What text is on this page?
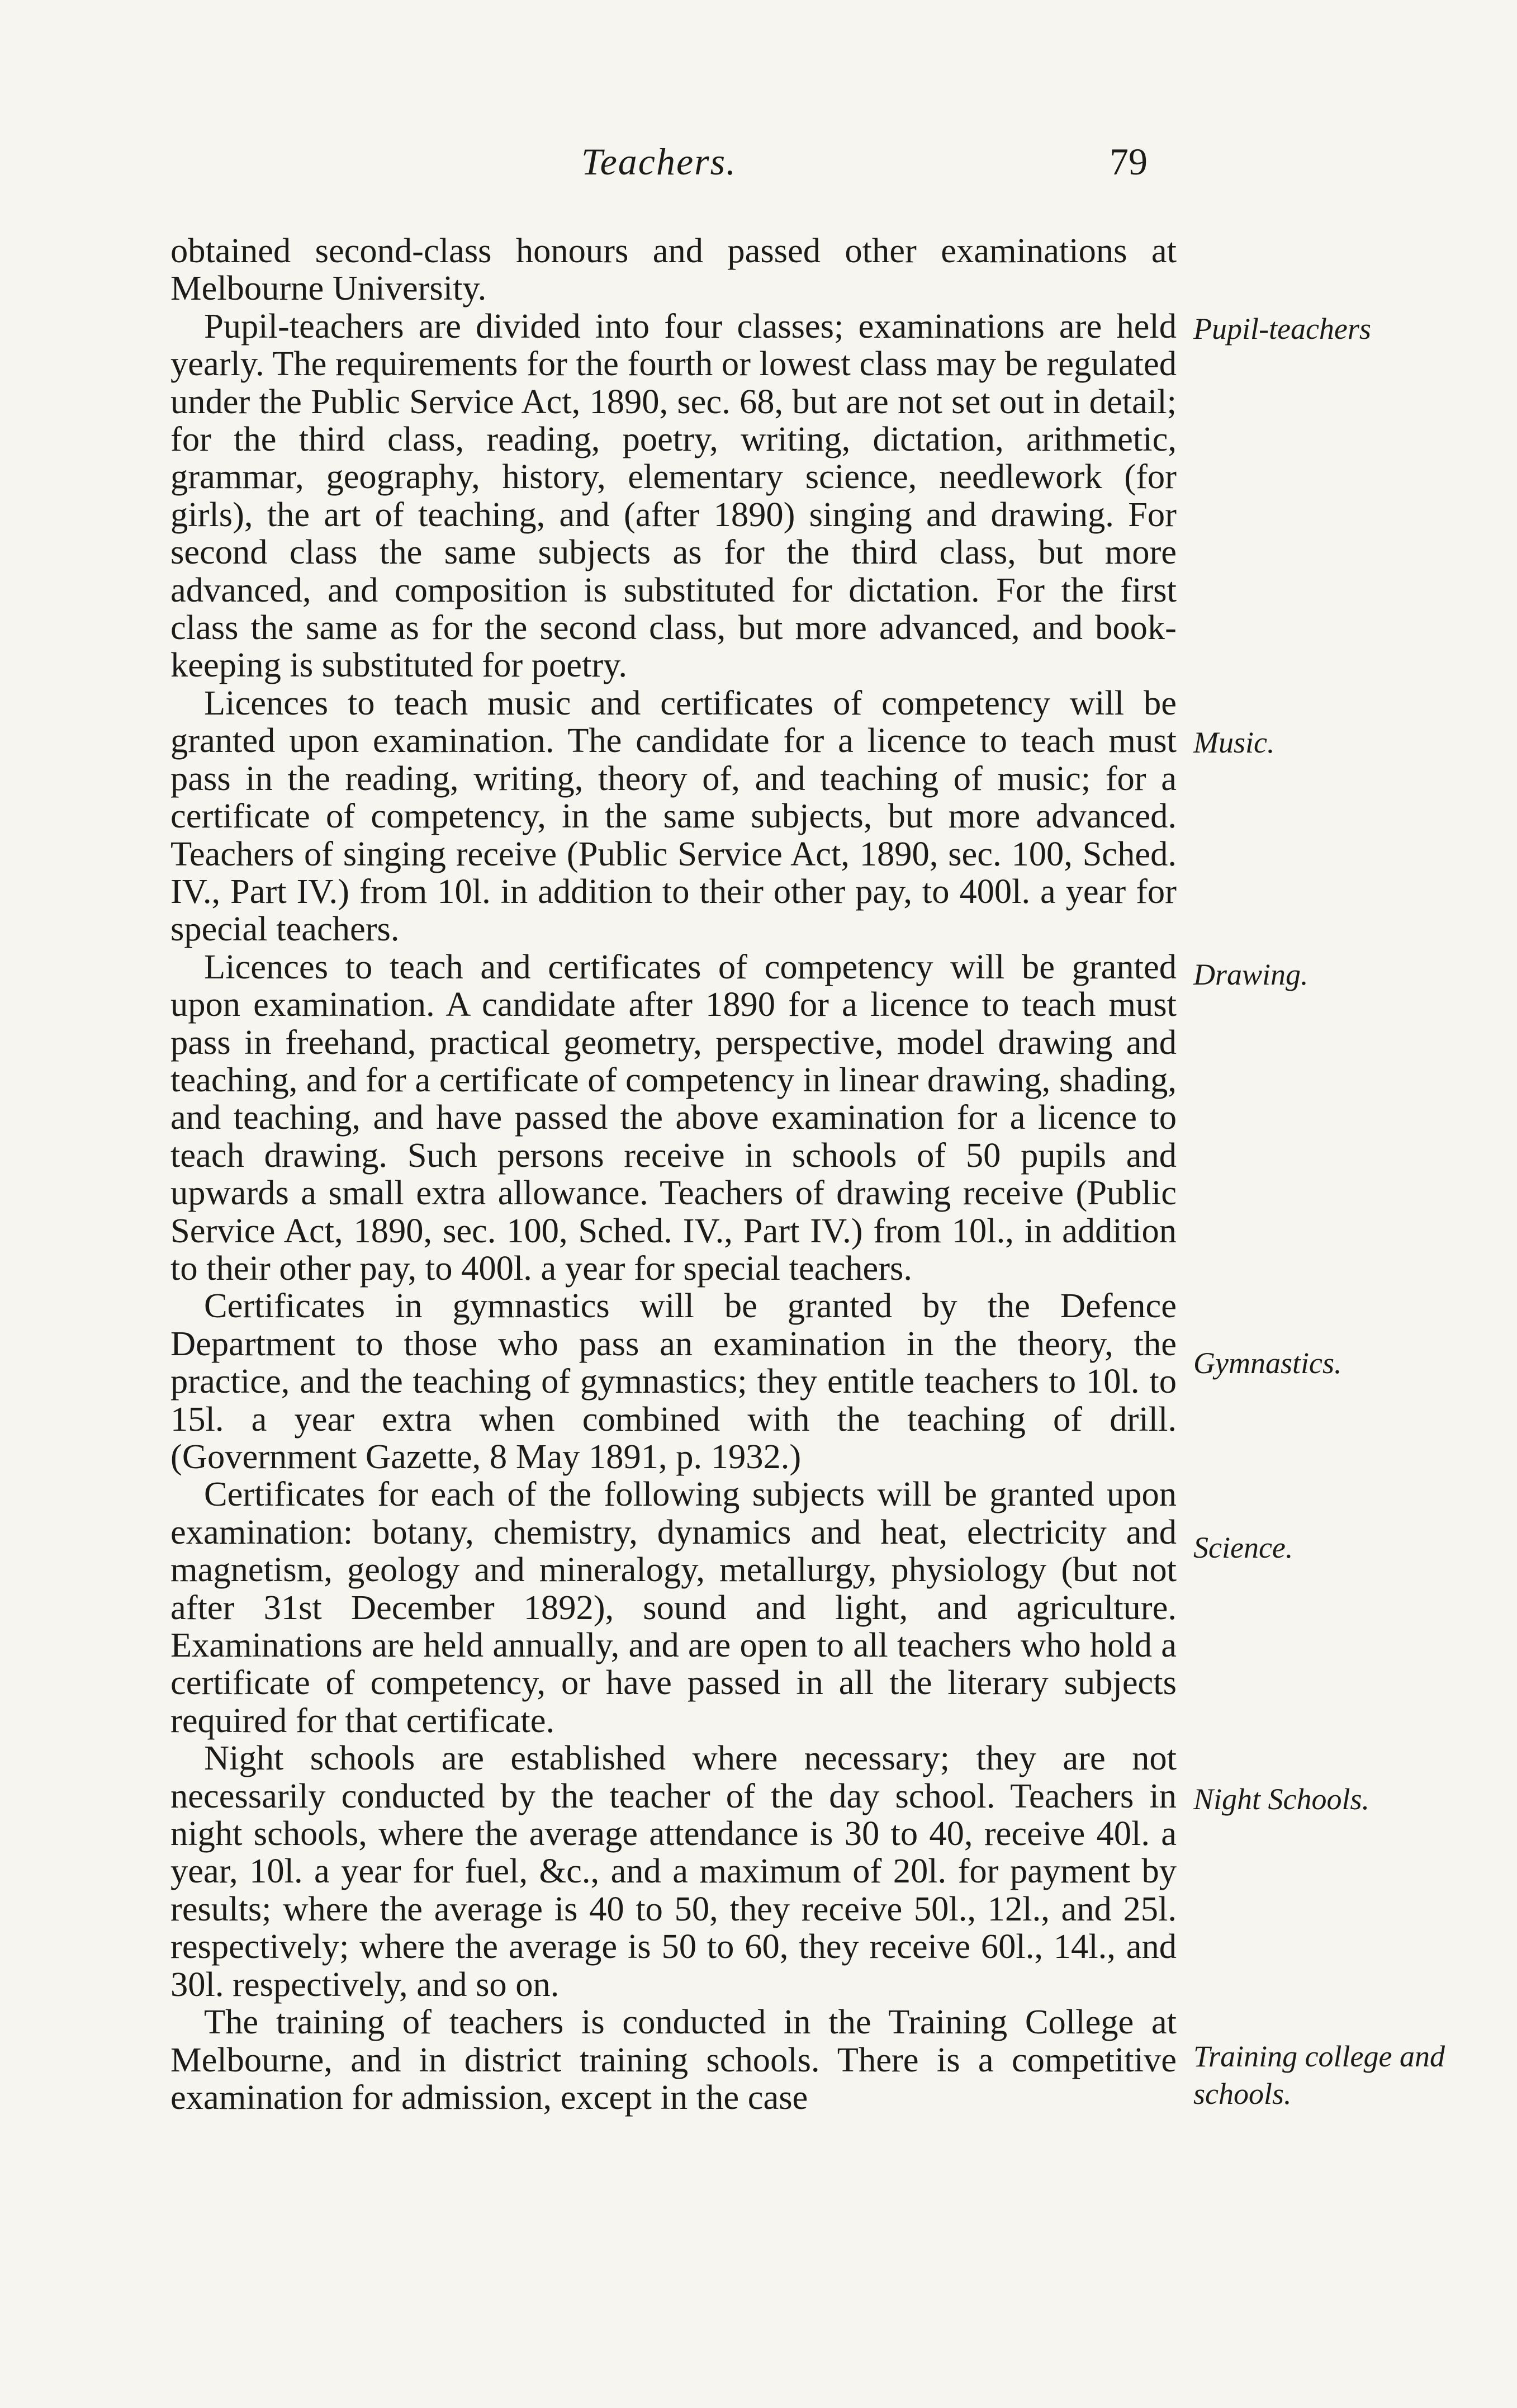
Teachers.	79

obtained second-class honours and passed other examinations at Melbourne University.

Pupil-teachers are divided into four classes; examinations are held yearly. The requirements for the fourth or lowest class may be regulated under the Public Service Act, 1890, sec. 68, but are not set out in detail; for the third class, reading, poetry, writing, dictation, arithmetic, grammar, geography, history, elementary science, needlework (for girls), the art of teaching, and (after 1890) singing and drawing. For second class the same subjects as for the third class, but more advanced, and composition is substituted for dictation. For the first class the same as for the second class, but more advanced, and book-keeping is substituted for poetry.

Licences to teach music and certificates of competency will be granted upon examination. The candidate for a licence to teach must pass in the reading, writing, theory of, and teaching of music; for a certificate of competency, in the same subjects, but more advanced. Teachers of singing receive (Public Service Act, 1890, sec. 100, Sched. IV., Part IV.) from 10l. in addition to their other pay, to 400l. a year for special teachers.

Licences to teach and certificates of competency will be granted upon examination. A candidate after 1890 for a licence to teach must pass in freehand, practical geometry, perspective, model drawing and teaching, and for a certificate of competency in linear drawing, shading, and teaching, and have passed the above examination for a licence to teach drawing. Such persons receive in schools of 50 pupils and upwards a small extra allowance. Teachers of drawing receive (Public Service Act, 1890, sec. 100, Sched. IV., Part IV.) from 10l., in addition to their other pay, to 400l. a year for special teachers.

Certificates in gymnastics will be granted by the Defence Department to those who pass an examination in the theory, the practice, and the teaching of gymnastics; they entitle teachers to 10l. to 15l. a year extra when combined with the teaching of drill. (Government Gazette, 8 May 1891, p. 1932.)

Certificates for each of the following subjects will be granted upon examination: botany, chemistry, dynamics and heat, electricity and magnetism, geology and mineralogy, metallurgy, physiology (but not after 31st December 1892), sound and light, and agriculture. Examinations are held annually, and are open to all teachers who hold a certificate of competency, or have passed in all the literary subjects required for that certificate.

Night schools are established where necessary; they are not necessarily conducted by the teacher of the day school. Teachers in night schools, where the average attendance is 30 to 40, receive 40l. a year, 10l. a year for fuel, &c., and a maximum of 20l. for payment by results; where the average is 40 to 50, they receive 50l., 12l., and 25l. respectively; where the average is 50 to 60, they receive 60l., 14l., and 30l. respectively, and so on.

The training of teachers is conducted in the Training College at Melbourne, and in district training schools. There is a competitive examination for admission, except in the case

Pupil-teachers
Music.
Drawing.
Gymnastics.
Science.
Night Schools.
Training college and schools.
